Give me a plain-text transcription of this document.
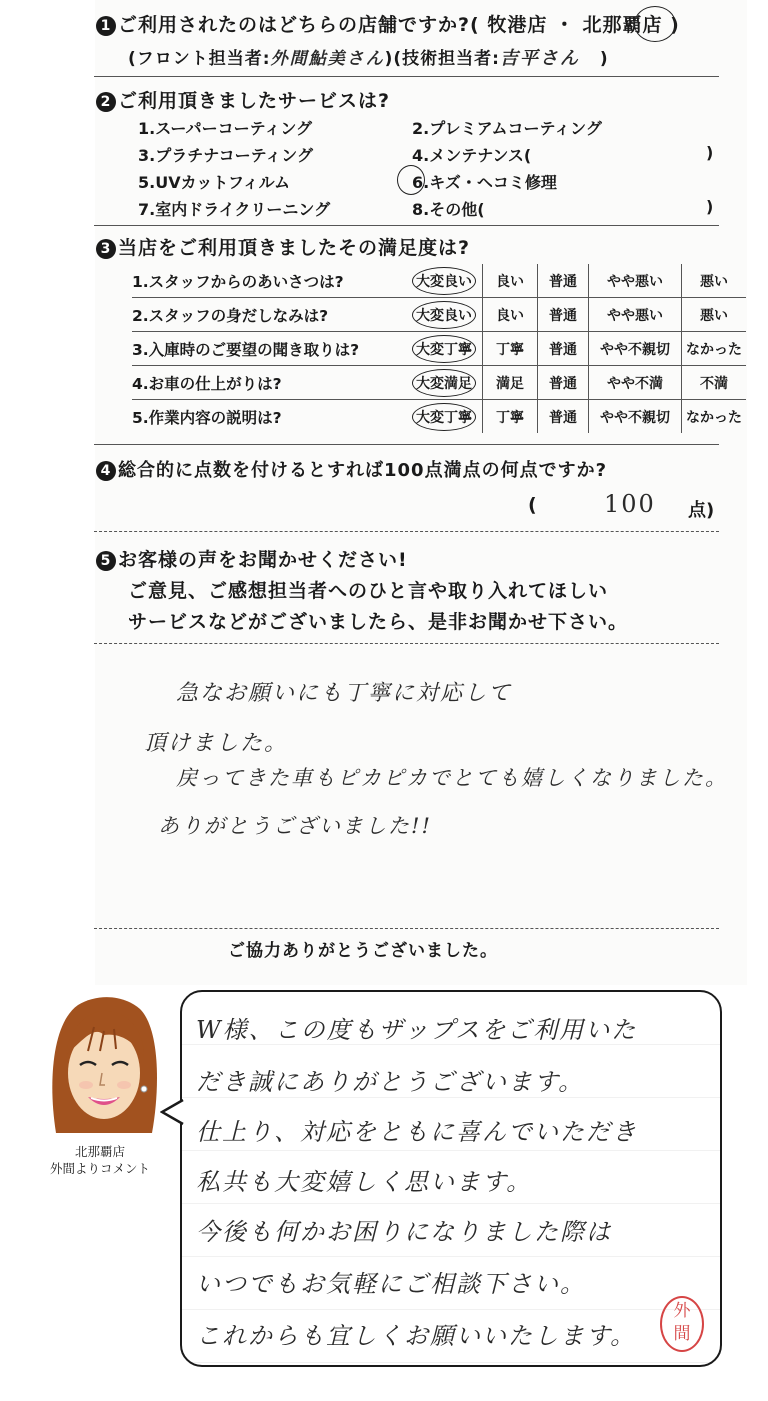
1 ご利用されたのはどちらの店舗ですか?( 牧港店 ・ 北那覇店 )
(フロント担当者:外間鮎美さん)(技術担当者:吉平さん )
2 ご利用頂きましたサービスは?
1.スーパーコーティング	2.プレミアムコーティング
3.プラチナコーティング	4.メンテナンス(	)
5.UVカットフィルム	6.キズ・ヘコミ修理
7.室内ドライクリーニング	8.その他(	)
3 当店をご利用頂きましたその満足度は?
1.スタッフからのあいさつは?	大変良い	良い	普通	やや悪い	悪い
2.スタッフの身だしなみは?	大変良い	良い	普通	やや悪い	悪い
3.入庫時のご要望の聞き取りは?	大変丁寧	丁寧	普通	やや不親切	なかった
4.お車の仕上がりは?	大変満足	満足	普通	やや不満	不満
5.作業内容の説明は?	大変丁寧	丁寧	普通	やや不親切	なかった
4 総合的に点数を付けるとすれば100点満点の何点ですか?
(	100 点)
5 お客様の声をお聞かせください!
ご意見、ご感想担当者へのひと言や取り入れてほしい
サービスなどがございましたら、是非お聞かせ下さい。
急なお願いにも丁寧に対応して
頂けました。
戻ってきた車もピカピカでとても嬉しくなりました。
ありがとうございました!!
ご協力ありがとうございました。
北那覇店
外間よりコメント
W様、この度もザップスをご利用いた
だき誠にありがとうございます。
仕上り、対応をともに喜んでいただき
私共も大変嬉しく思います。
今後も何かお困りになりました際は
いつでもお気軽にご相談下さい。
これからも宜しくお願いいたします。
外
間
